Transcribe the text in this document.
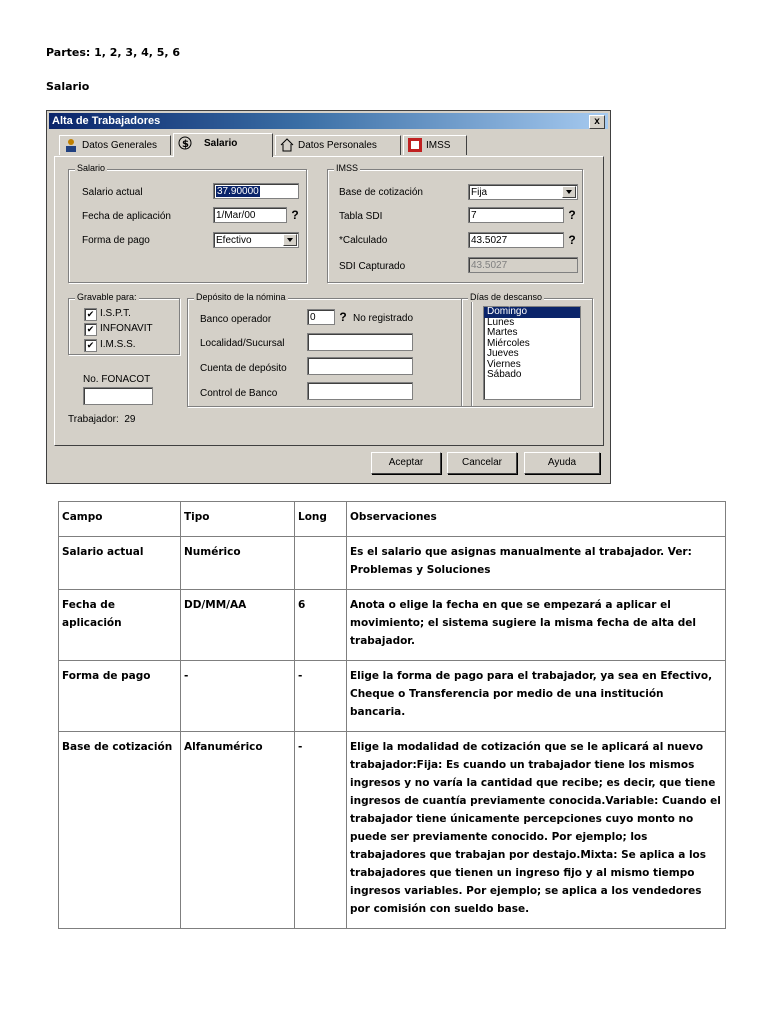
Partes: 1, 2, 3, 4, 5, 6
Salario
Alta de Trabajadores	x
Datos Generales	$ Salario	Datos Personales	IMSS
Salario
Salario actual	37.90000
Fecha de aplicación	1/Mar/00	?
Forma de pago	Efectivo
IMSS
Base de cotización	Fija
Tabla SDI	7	?
*Calculado	43.5027	?
SDI Capturado	43.5027
Gravable para:
✔ I.S.P.T.
✔ INFONAVIT
✔ I.M.S.S.
No. FONACOT
Trabajador: 29
Depósito de la nómina
Banco operador	0	? No registrado
Localidad/Sucursal
Cuenta de depósito
Control de Banco
Días de descanso
Aceptar	Cancelar	Ayuda
Domingo
Lunes
Martes
Miércoles
Jueves
Viernes
Sábado
Campo	Tipo	Long	Observaciones
Salario actual	Numérico		Es el salario que asignas manualmente al trabajador. Ver: Problemas y Soluciones
Fecha de aplicación	DD/MM/AA	6	Anota o elige la fecha en que se empezará a aplicar el movimiento; el sistema sugiere la misma fecha de alta del trabajador.
Forma de pago	-	-	Elige la forma de pago para el trabajador, ya sea en Efectivo, Cheque o Transferencia por medio de una institución bancaria.
Base de cotización	Alfanumérico	-	Elige la modalidad de cotización que se le aplicará al nuevo trabajador:Fija: Es cuando un trabajador tiene los mismos ingresos y no varía la cantidad que recibe; es decir, que tiene ingresos de cuantía previamente conocida.Variable: Cuando el trabajador tiene únicamente percepciones cuyo monto no puede ser previamente conocido. Por ejemplo; los trabajadores que trabajan por destajo.Mixta: Se aplica a los trabajadores que tienen un ingreso fijo y al mismo tiempo ingresos variables. Por ejemplo; se aplica a los vendedores por comisión con sueldo base.
